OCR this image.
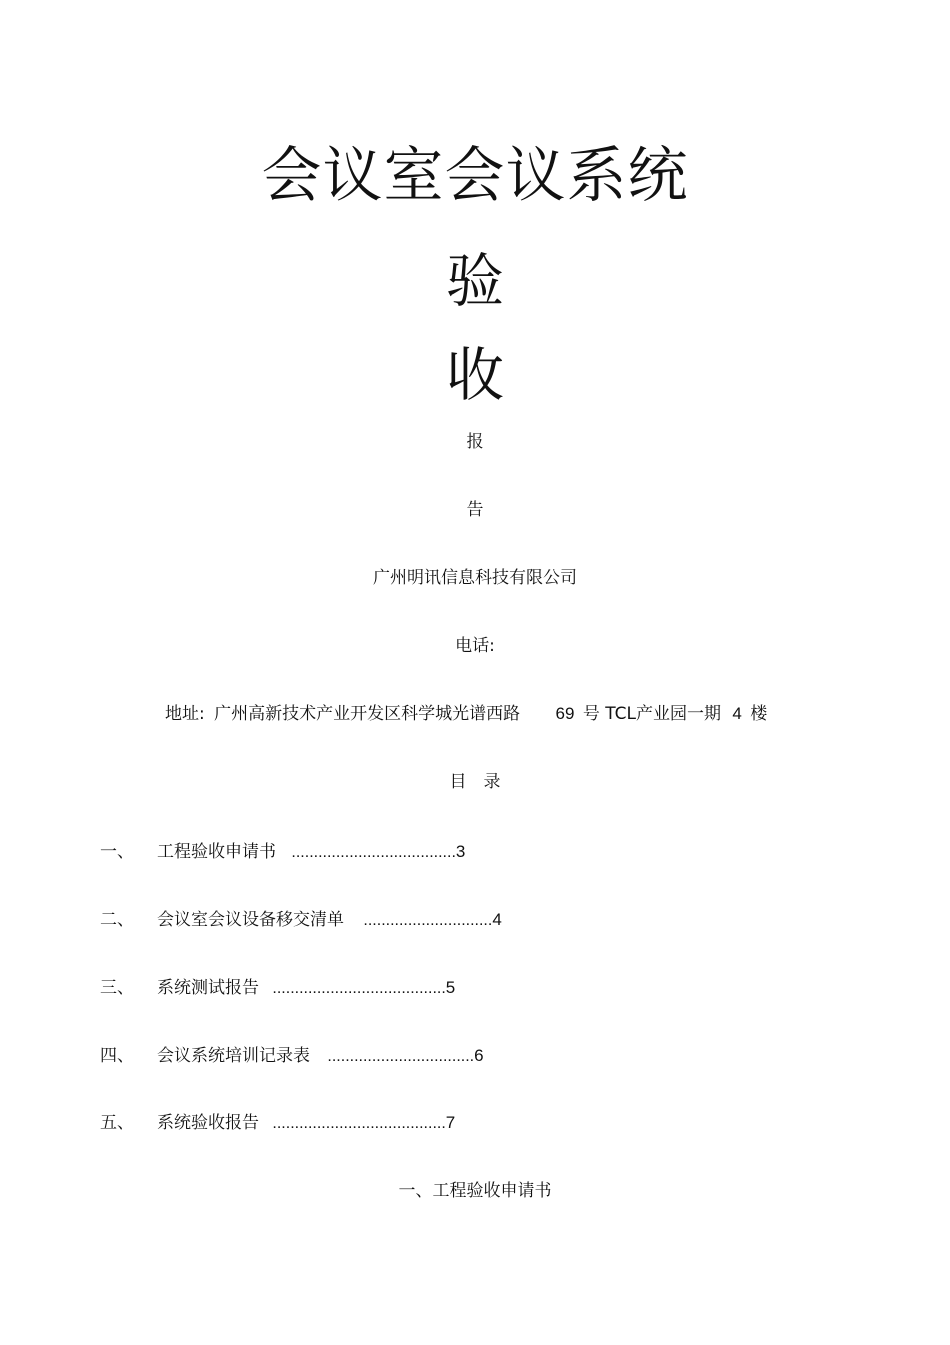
会议室会议系统
验
收
报
告
广州明讯信息科技有限公司
电话:
地址: 广州高新技术产业开发区科学城光谱西路 69 号 TCL产业园一期 4 楼
目　录
一、 工程验收申请书 .....................................3
二、 会议室会议设备移交清单 .............................4
三、 系统测试报告 .......................................5
四、 会议系统培训记录表 .................................6
五、 系统验收报告 .......................................7
一、工程验收申请书
